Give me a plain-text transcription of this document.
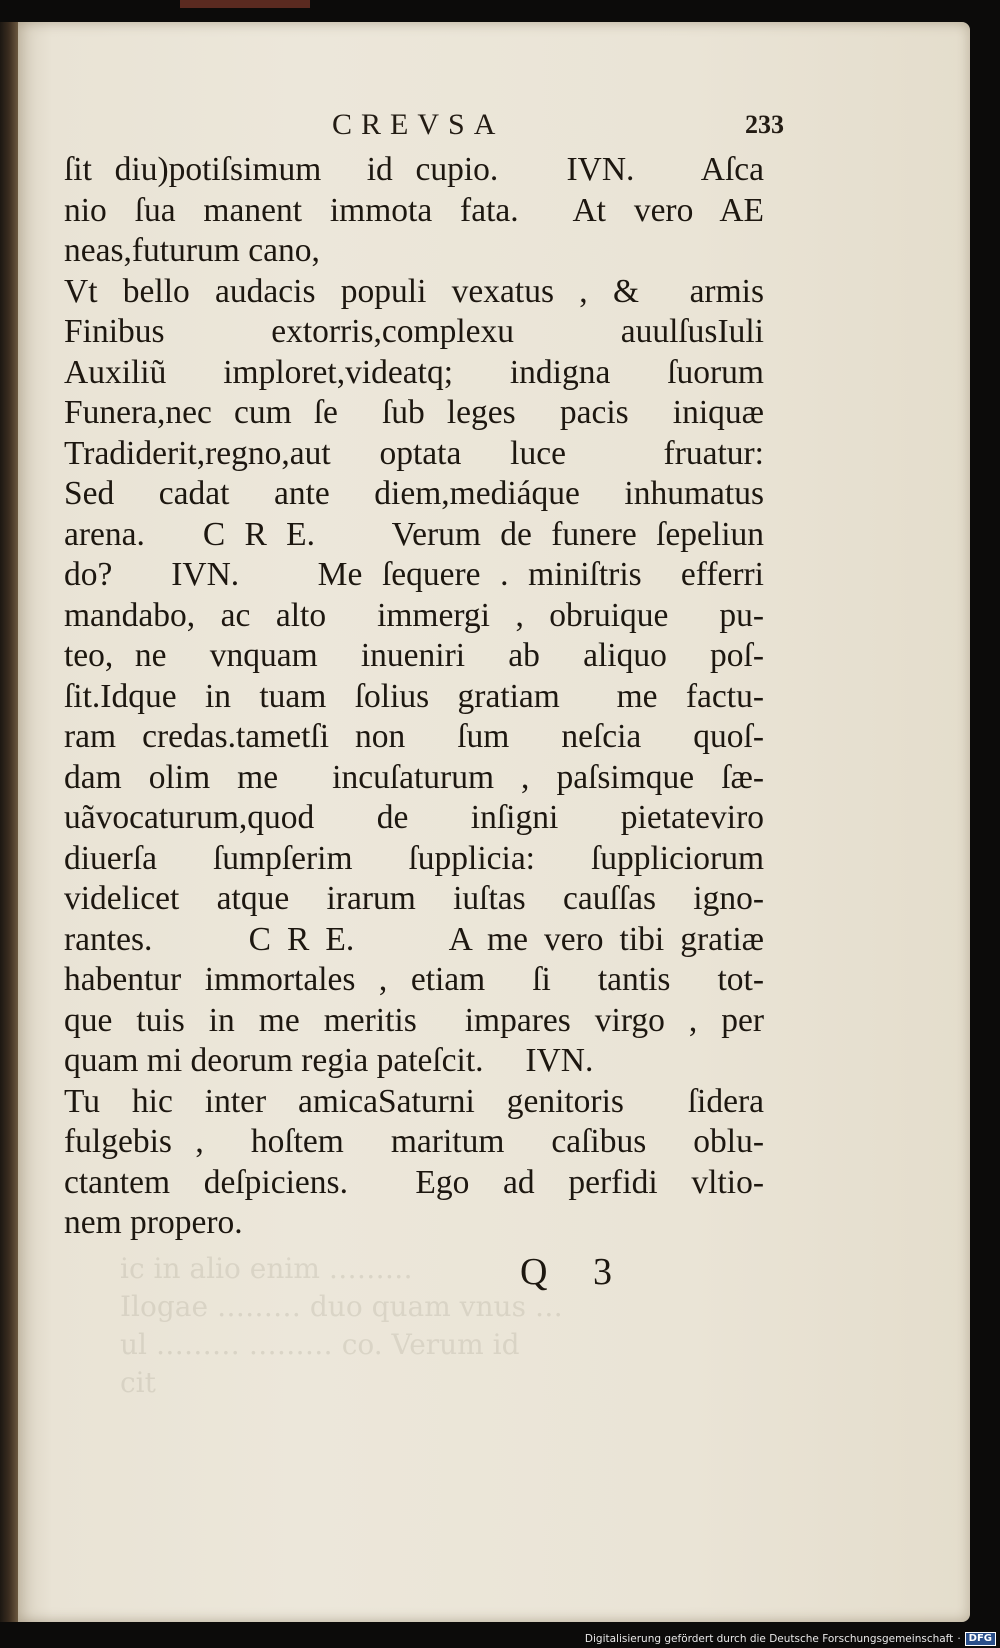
CREVSA	233
ſit diu)potiſsimum  id cupio.   IVN.   Aſca
nio ſua manent immota fata.  At vero AE
neas,futurum cano,
Vt bello audacis populi vexatus , &  armis
Finibus extorris,complexu auulſusIuli
Auxiliũ imploret,videatq; indigna ſuorum
Funera,nec cum ſe  ſub leges  pacis  iniquæ
Tradiderit,regno,aut optata luce  fruatur:
Sed cadat ante diem,mediáque inhumatus
arena.   C R E.    Verum de funere ſepeliun
do?   IVN.    Me ſequere . miniſtris  efferri
mandabo, ac alto  immergi , obruique  pu-
teo, ne  vnquam  inueniri  ab  aliquo  poſ-
ſit.Idque in tuam ſolius gratiam  me factu-
ram credas.tametſi non  ſum  neſcia  quoſ-
dam olim me  incuſaturum , paſsimque ſæ-
uãvocaturum,quod de inſigni pietateviro
diuerſa ſumpſerim ſupplicia: ſuppliciorum
videlicet atque irarum iuſtas cauſſas igno-
rantes.      C R E.      A me vero tibi gratiæ
habentur immortales , etiam  ſi  tantis  tot-
que tuis in me meritis  impares virgo , per
quam mi deorum regia pateſcit.     IVN.
Tu hic inter amicaSaturni genitoris  ſidera
fulgebis ,  hoſtem  maritum  caſibus  oblu-
ctantem deſpiciens.  Ego ad perfidi vltio-
nem propero.
Q 3
Digitalisierung gefördert durch die Deutsche Forschungsgemeinschaft · DFG
